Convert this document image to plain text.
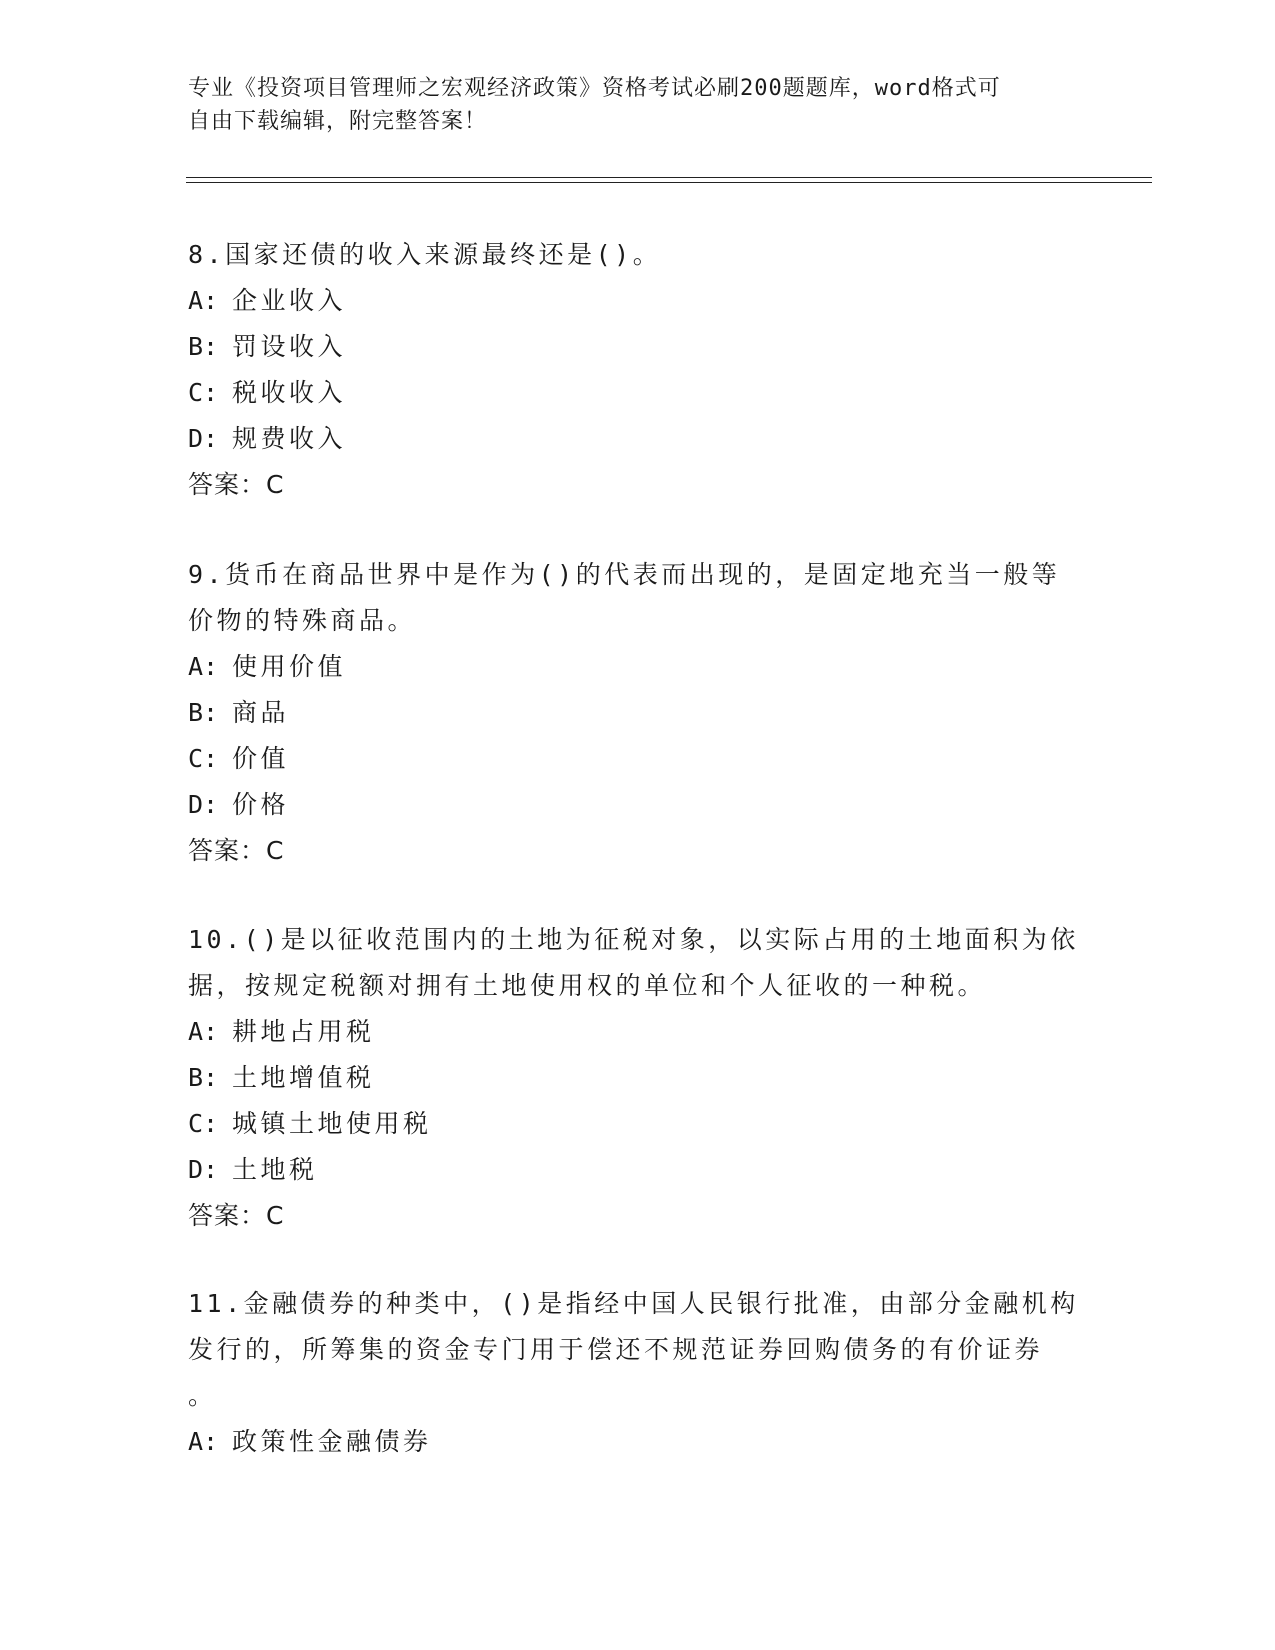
专业《投资项目管理师之宏观经济政策》资格考试必刷200题题库，word格式可
自由下载编辑，附完整答案！

8.国家还债的收入来源最终还是()。

A: 企业收入

B: 罚设收入

C: 税收收入

D: 规费收入

答案：C

9.货币在商品世界中是作为()的代表而出现的，是固定地充当一般等

价物的特殊商品。

A: 使用价值

B: 商品

C: 价值

D: 价格

答案：C

10.()是以征收范围内的土地为征税对象，以实际占用的土地面积为依

据，按规定税额对拥有土地使用权的单位和个人征收的一种税。

A: 耕地占用税

B: 土地增值税

C: 城镇土地使用税

D: 土地税

答案：C

11.金融债券的种类中，()是指经中国人民银行批准，由部分金融机构

发行的，所筹集的资金专门用于偿还不规范证券回购债务的有价证券

。

A: 政策性金融债券
